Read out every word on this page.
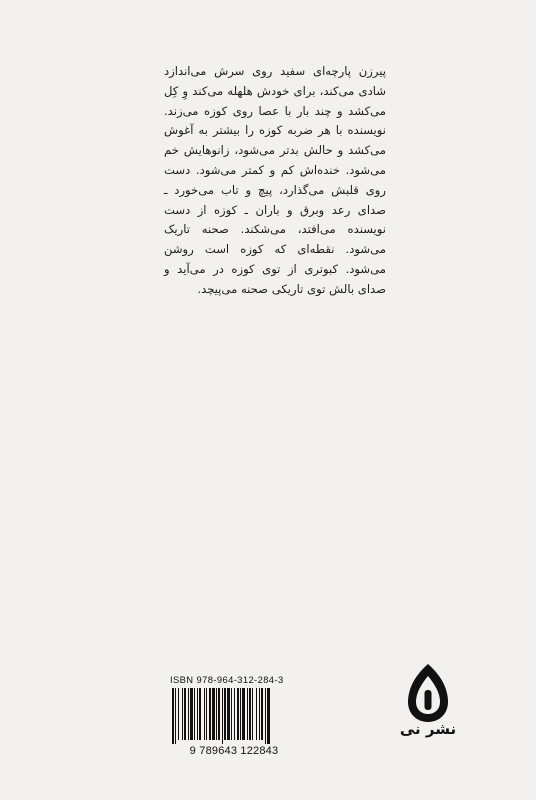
پیرزن پارچه‌ای سفید روی سرش می‌اندازد شادی می‌کند، برای خودش هلهله می‌کند وِ کِل می‌کشد و چند بار با عصا روی کوزه می‌زند. نویسنده با هر ضربه کوزه را بیشتر به آغوش می‌کشد و حالش بدتر می‌شود، زانوهایش خم می‌شود. خنده‌اش کم و کمتر می‌شود. دست روی قلبش می‌گذارد، پیچ و تاب می‌خورد ـ صدای رعد وبرق و باران ـ کوزه از دست نویسنده می‌افتد، می‌شکند. صحنه تاریک می‌شود. نقطه‌ای که کوزه است روشن می‌شود. کبوتری از توی کوزه در می‌آید و صدای بالش توی تاریکی صحنه می‌پیچد.

ISBN 978-964-312-284-3
9 789643 122843
نشر نی
